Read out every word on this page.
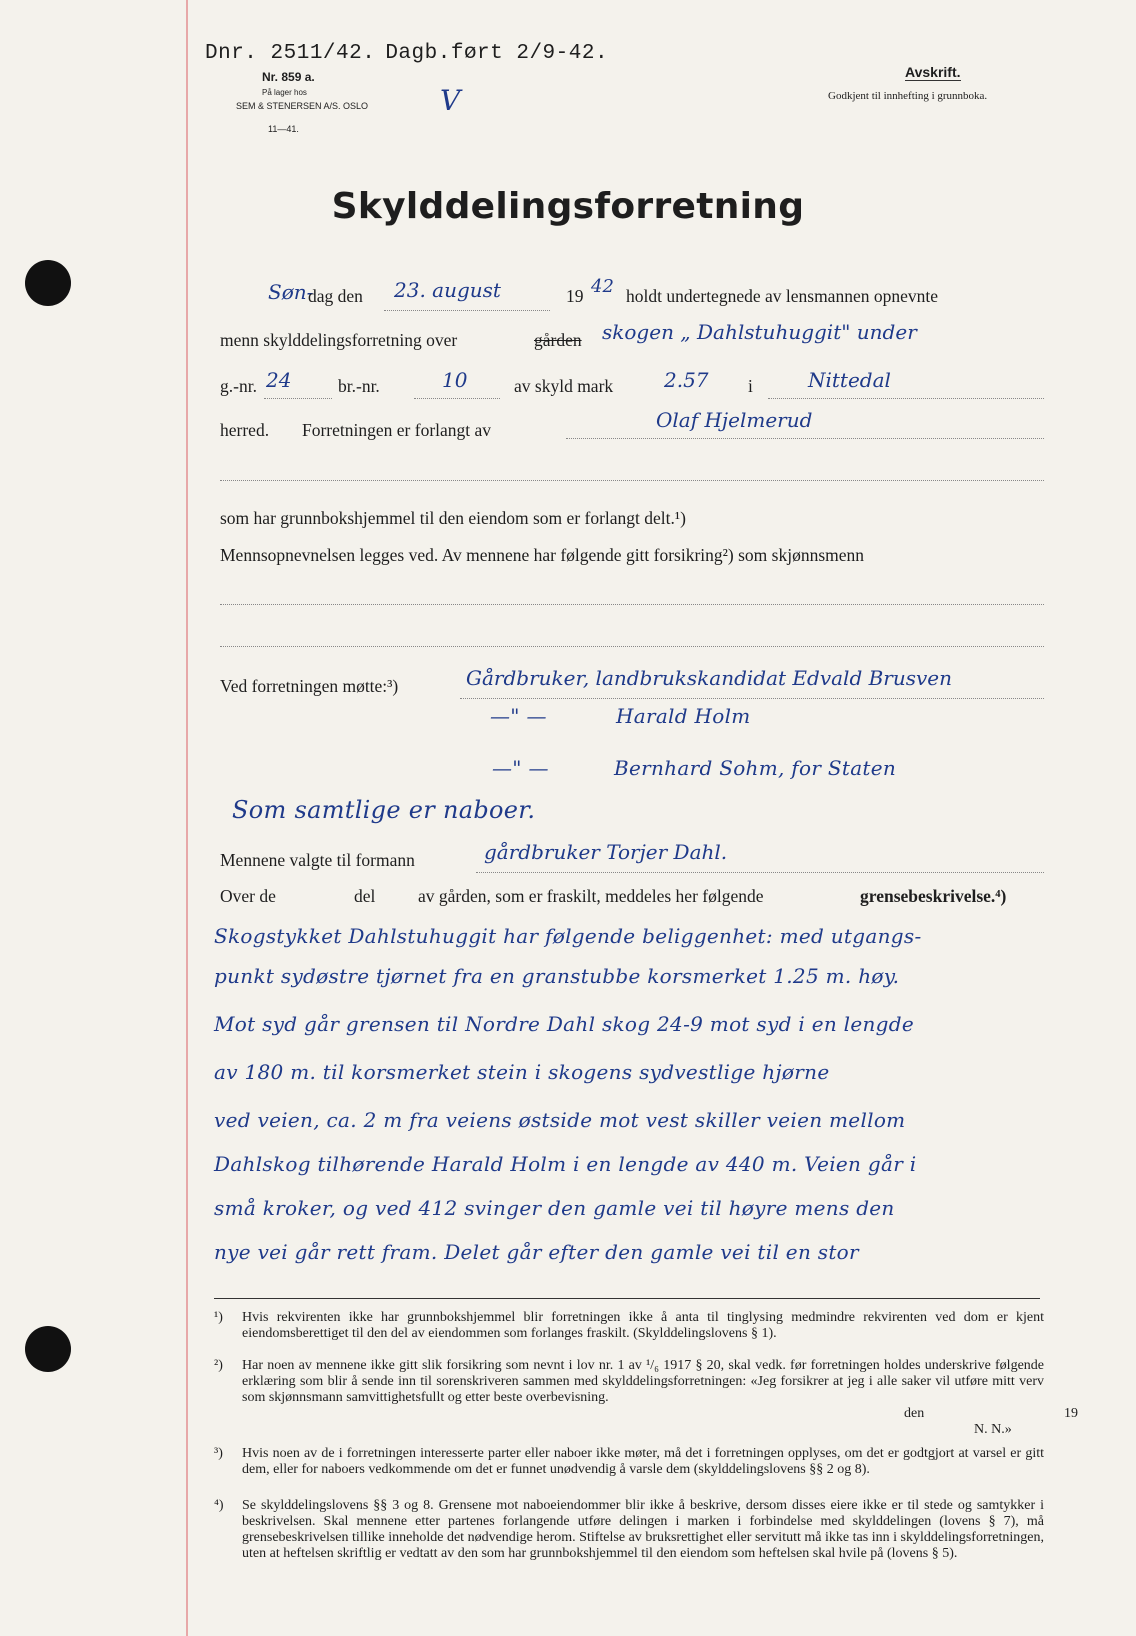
Dnr. 2511/42. Dagb.ført 2/9-42.
Nr. 859 a.
På lager hos
SEM & STENERSEN A/S. OSLO
11—41.
V
Avskrift.
Godkjent til innhefting i grunnboka.
Skylddelingsforretning
Søn-
dag den 23. august	19 42 holdt undertegnede av lensmannen opnevnte
menn skylddelingsforretning over	gården skogen „ Dahlstuhuggit" under
g.-nr. 24	br.-nr.	10	av skyld mark	2.57 i	Nittedal
herred. Forretningen er forlangt av	Olaf Hjelmerud
som har grunnbokshjemmel til den eiendom som er forlangt delt.¹)
Mennsopnevnelsen legges ved. Av mennene har følgende gitt forsikring²) som skjønnsmenn
Ved forretningen møtte:³)	Gårdbruker, landbrukskandidat Edvald Brusven
—" —	Harald Holm
—" —	Bernhard Sohm, for Staten
Som samtlige er naboer.
Mennene valgte til formann	gårdbruker Torjer Dahl.
Over de	del av gården, som er fraskilt, meddeles her følgende	grensebeskrivelse.⁴)
Skogstykket Dahlstuhuggit har følgende beliggenhet: med utgangs-
punkt sydøstre tjørnet fra en granstubbe korsmerket 1.25 m. høy.
Mot syd går grensen til Nordre Dahl skog 24-9 mot syd i en lengde
av 180 m. til korsmerket stein i skogens sydvestlige hjørne
ved veien, ca. 2 m fra veiens østside mot vest skiller veien mellom
Dahlskog tilhørende Harald Holm i en lengde av 440 m. Veien går i
små kroker, og ved 412 svinger den gamle vei til høyre mens den
nye vei går rett fram. Delet går efter den gamle vei til en stor
¹) Hvis rekvirenten ikke har grunnbokshjemmel blir forretningen ikke å anta til tinglysing medmindre rekvirenten ved dom er kjent eiendomsberettiget til den del av eiendommen som forlanges fraskilt. (Skylddelingslovens § 1).
²) Har noen av mennene ikke gitt slik forsikring som nevnt i lov nr. 1 av ¹/₆ 1917 § 20, skal vedk. før forretningen holdes underskrive følgende erklæring som blir å sende inn til sorenskriveren sammen med skylddelingsforretningen: «Jeg forsikrer at jeg i alle saker vil utføre mitt verv som skjønnsmann samvittighetsfullt og etter beste overbevisning.
den	19
N. N.»
³) Hvis noen av de i forretningen interesserte parter eller naboer ikke møter, må det i forretningen opplyses, om det er godtgjort at varsel er gitt dem, eller for naboers vedkommende om det er funnet unødvendig å varsle dem (skylddelingslovens §§ 2 og 8).
⁴) Se skylddelingslovens §§ 3 og 8. Grensene mot naboeiendommer blir ikke å beskrive, dersom disses eiere ikke er til stede og samtykker i beskrivelsen. Skal mennene etter partenes forlangende utføre delingen i marken i forbindelse med skylddelingen (lovens § 7), må grensebeskrivelsen tillike inneholde det nødvendige herom. Stiftelse av bruksrettighet eller servitutt må ikke tas inn i skylddelingsforretningen, uten at heftelsen skriftlig er vedtatt av den som har grunnbokshjemmel til den eiendom som heftelsen skal hvile på (lovens § 5).
